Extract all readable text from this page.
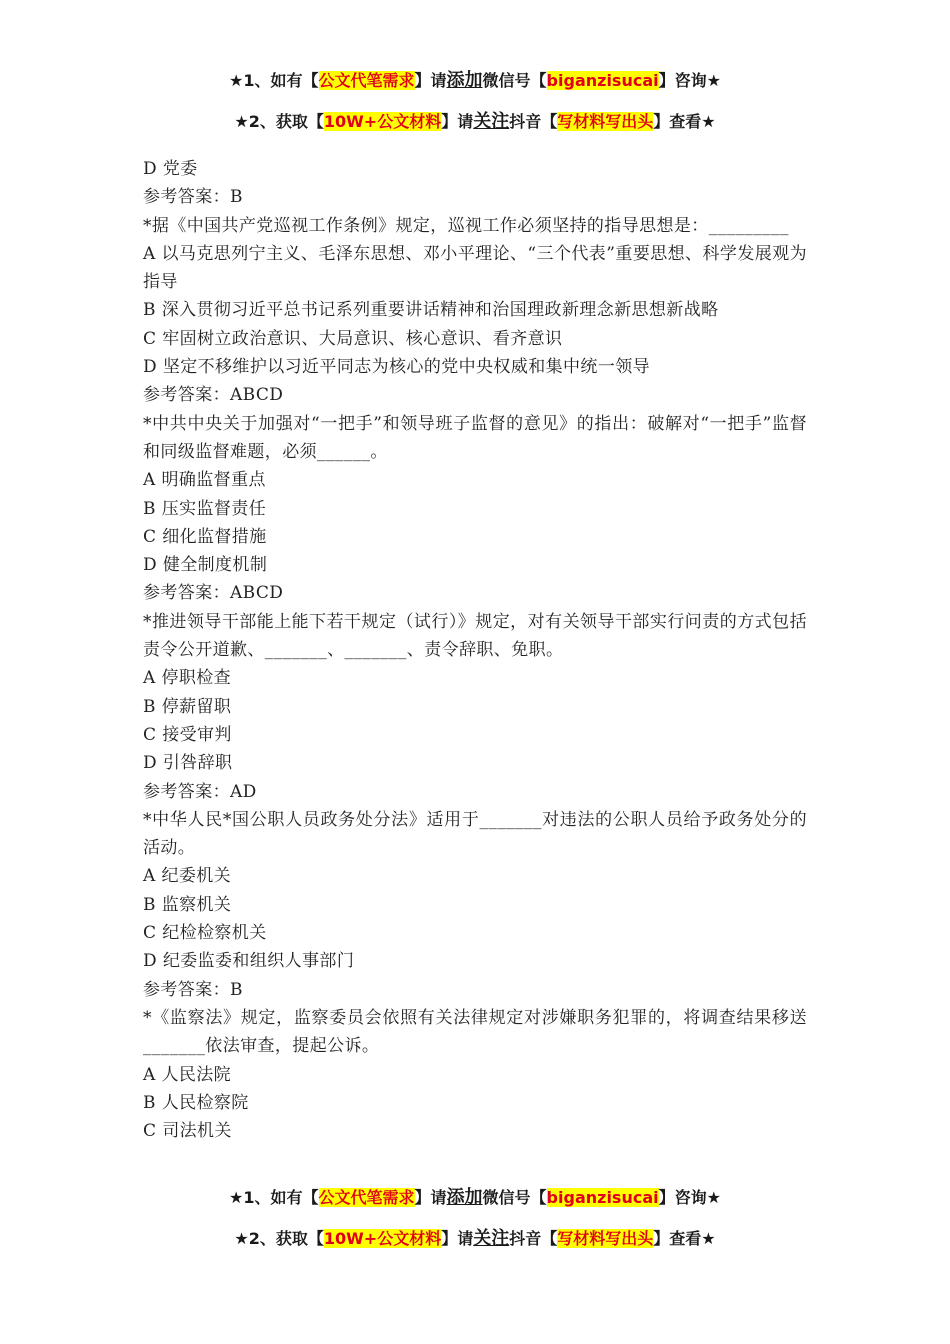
★1、如有【公文代笔需求】请添加微信号【biganzisucai】咨询★
★2、获取【10W+公文材料】请关注抖音【写材料写出头】查看★
D 党委
参考答案：B
*据《中国共产党巡视工作条例》规定，巡视工作必须坚持的指导思想是：_________
A 以马克思列宁主义、毛泽东思想、邓小平理论、“三个代表”重要思想、科学发展观为指导
B 深入贯彻习近平总书记系列重要讲话精神和治国理政新理念新思想新战略
C 牢固树立政治意识、大局意识、核心意识、看齐意识
D 坚定不移维护以习近平同志为核心的党中央权威和集中统一领导
参考答案：ABCD
*中共中央关于加强对“一把手”和领导班子监督的意见》的指出：破解对“一把手”监督和同级监督难题，必须______。
A 明确监督重点
B 压实监督责任
C 细化监督措施
D 健全制度机制
参考答案：ABCD
*推进领导干部能上能下若干规定（试行）》规定，对有关领导干部实行问责的方式包括责令公开道歉、_______、_______、责令辞职、免职。
A 停职检查
B 停薪留职
C 接受审判
D 引咎辞职
参考答案：AD
*中华人民*国公职人员政务处分法》适用于_______对违法的公职人员给予政务处分的活动。
A 纪委机关
B 监察机关
C 纪检检察机关
D 纪委监委和组织人事部门
参考答案：B
*《监察法》规定，监察委员会依照有关法律规定对涉嫌职务犯罪的，将调查结果移送_______依法审查，提起公诉。
A 人民法院
B 人民检察院
C 司法机关
★1、如有【公文代笔需求】请添加微信号【biganzisucai】咨询★
★2、获取【10W+公文材料】请关注抖音【写材料写出头】查看★
